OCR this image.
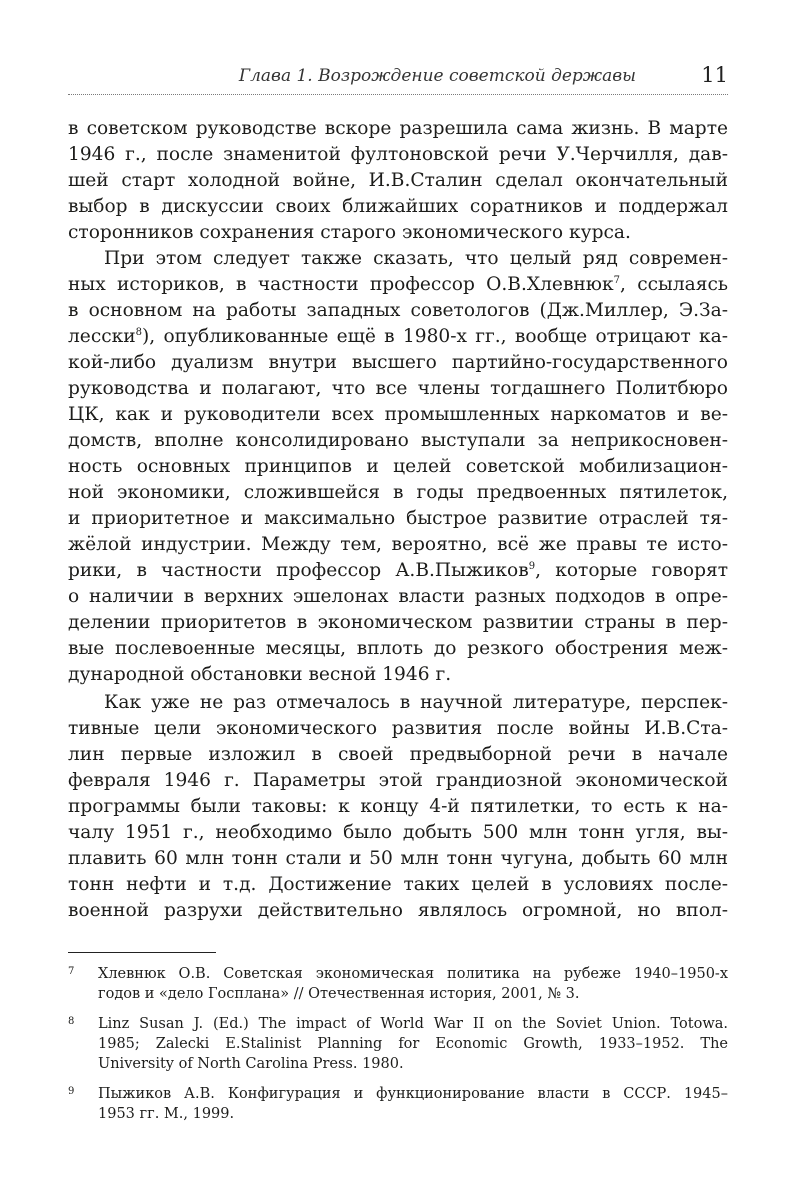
Глава 1. Возрождение советской державы	11
в советском руководстве вскоре разрешила сама жизнь. В марте
1946 г., после знаменитой фултоновской речи У.Черчилля, дав-
шей старт холодной войне, И.В.Сталин сделал окончательный
выбор в дискуссии своих ближайших соратников и поддержал
сторонников сохранения старого экономического курса.
При этом следует также сказать, что целый ряд современ-
ных историков, в частности профессор О.В.Хлевнюк$^7$, ссылаясь
в основном на работы западных советологов (Дж.Миллер, Э.За-
лесски$^8$), опубликованные ещё в 1980-х гг., вообще отрицают ка-
кой-либо дуализм внутри высшего партийно-государственного
руководства и полагают, что все члены тогдашнего Политбюро
ЦК, как и руководители всех промышленных наркоматов и ве-
домств, вполне консолидировано выступали за неприкосновен-
ность основных принципов и целей советской мобилизацион-
ной экономики, сложившейся в годы предвоенных пятилеток,
и приоритетное и максимально быстрое развитие отраслей тя-
жёлой индустрии. Между тем, вероятно, всё же правы те исто-
рики, в частности профессор А.В.Пыжиков$^9$, которые говорят
о наличии в верхних эшелонах власти разных подходов в опре-
делении приоритетов в экономическом развитии страны в пер-
вые послевоенные месяцы, вплоть до резкого обострения меж-
дународной обстановки весной 1946 г.
Как уже не раз отмечалось в научной литературе, перспек-
тивные цели экономического развития после войны И.В.Ста-
лин первые изложил в своей предвыборной речи в начале
февраля 1946 г. Параметры этой грандиозной экономической
программы были таковы: к концу 4-й пятилетки, то есть к на-
чалу 1951 г., необходимо было добыть 500 млн тонн угля, вы-
плавить 60 млн тонн стали и 50 млн тонн чугуна, добыть 60 млн
тонн нефти и т.д. Достижение таких целей в условиях после-
военной разрухи действительно являлось огромной, но впол-
7	Хлевнюк О.В. Советская экономическая политика на рубеже 1940–1950-х
годов и «дело Госплана» // Отечественная история, 2001, № 3.
8	Linz Susan J. (Ed.) The impact of World War II on the Soviet Union. Totowa.
1985; Zalecki E.Stalinist Planning for Economic Growth, 1933–1952. The
University of North Carolina Press. 1980.
9	Пыжиков А.В. Конфигурация и функционирование власти в СССР. 1945–
1953 гг. М., 1999.
